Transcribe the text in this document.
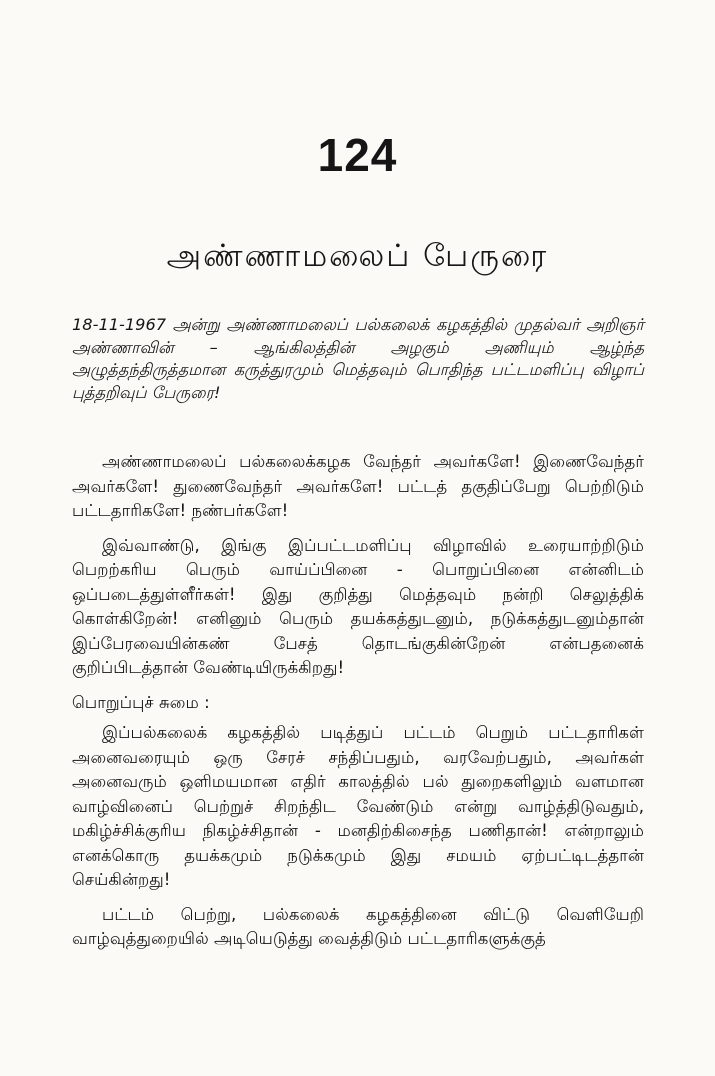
124
அண்ணாமலைப் பேருரை
18-11-1967 அன்று அண்ணாமலைப் பல்கலைக் கழகத்தில் முதல்வர் அறிஞர் அண்ணாவின் – ஆங்கிலத்தின் அழகும் அணியும் ஆழ்ந்த அழுத்தந்திருத்தமான கருத்துரமும் மெத்தவும் பொதிந்த பட்டமளிப்பு விழாப் புத்தறிவுப் பேருரை!

அண்ணாமலைப் பல்கலைக்கழக வேந்தர் அவர்களே! இணைவேந்தர் அவர்களே! துணைவேந்தர் அவர்களே! பட்டத் தகுதிப்பேறு பெற்றிடும் பட்டதாரிகளே! நண்பர்களே!

இவ்வாண்டு, இங்கு இப்பட்டமளிப்பு விழாவில் உரையாற்றிடும் பெறற்கரிய பெரும் வாய்ப்பினை - பொறுப்பினை என்னிடம் ஒப்படைத்துள்ளீர்கள்! இது குறித்து மெத்தவும் நன்றி செலுத்திக் கொள்கிறேன்! எனினும் பெரும் தயக்கத்துடனும், நடுக்கத்துடனும்தான் இப்பேரவையின்கண் பேசத் தொடங்குகின்றேன் என்பதனைக் குறிப்பிடத்தான் வேண்டியிருக்கிறது!

பொறுப்புச் சுமை :

இப்பல்கலைக் கழகத்தில் படித்துப் பட்டம் பெறும் பட்டதாரிகள் அனைவரையும் ஒரு சேரச் சந்திப்பதும், வரவேற்பதும், அவர்கள் அனைவரும் ஒளிமயமான எதிர் காலத்தில் பல் துறைகளிலும் வளமான வாழ்வினைப் பெற்றுச் சிறந்திட வேண்டும் என்று வாழ்த்திடுவதும், மகிழ்ச்சிக்குரிய நிகழ்ச்சிதான் - மனதிற்கிசைந்த பணிதான்! என்றாலும் எனக்கொரு தயக்கமும் நடுக்கமும் இது சமயம் ஏற்பட்டிடத்தான் செய்கின்றது!

பட்டம் பெற்று, பல்கலைக் கழகத்தினை விட்டு வெளியேறி வாழ்வுத்துறையில் அடியெடுத்து வைத்திடும் பட்டதாரிகளுக்குத்
